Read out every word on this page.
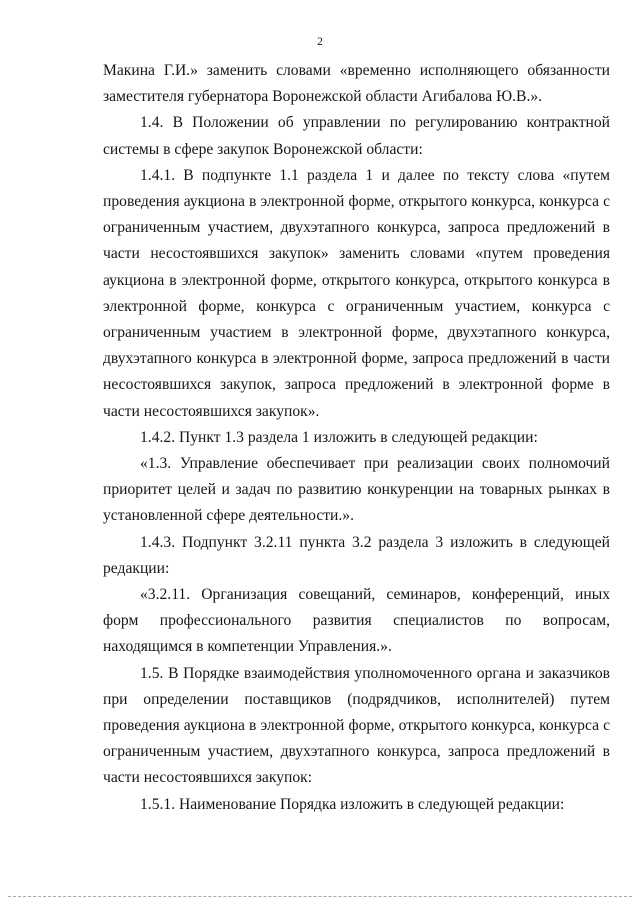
2

Макина Г.И.» заменить словами «временно исполняющего обязанности заместителя губернатора Воронежской области Агибалова Ю.В.».

1.4. В Положении об управлении по регулированию контрактной системы в сфере закупок Воронежской области:

1.4.1. В подпункте 1.1 раздела 1 и далее по тексту слова «путем проведения аукциона в электронной форме, открытого конкурса, конкурса с ограниченным участием, двухэтапного конкурса, запроса предложений в части несостоявшихся закупок» заменить словами «путем проведения аукциона в электронной форме, открытого конкурса, открытого конкурса в электронной форме, конкурса с ограниченным участием, конкурса с ограниченным участием в электронной форме, двухэтапного конкурса, двухэтапного конкурса в электронной форме, запроса предложений в части несостоявшихся закупок, запроса предложений в электронной форме в части несостоявшихся закупок».

1.4.2. Пункт 1.3 раздела 1 изложить в следующей редакции:

«1.3. Управление обеспечивает при реализации своих полномочий приоритет целей и задач по развитию конкуренции на товарных рынках в установленной сфере деятельности.».

1.4.3. Подпункт 3.2.11 пункта 3.2 раздела 3 изложить в следующей редакции:

«3.2.11. Организация совещаний, семинаров, конференций, иных форм профессионального развития специалистов по вопросам, находящимся в компетенции Управления.».

1.5. В Порядке взаимодействия уполномоченного органа и заказчиков при определении поставщиков (подрядчиков, исполнителей) путем проведения аукциона в электронной форме, открытого конкурса, конкурса с ограниченным участием, двухэтапного конкурса, запроса предложений в части несостоявшихся закупок:

1.5.1. Наименование Порядка изложить в следующей редакции:
